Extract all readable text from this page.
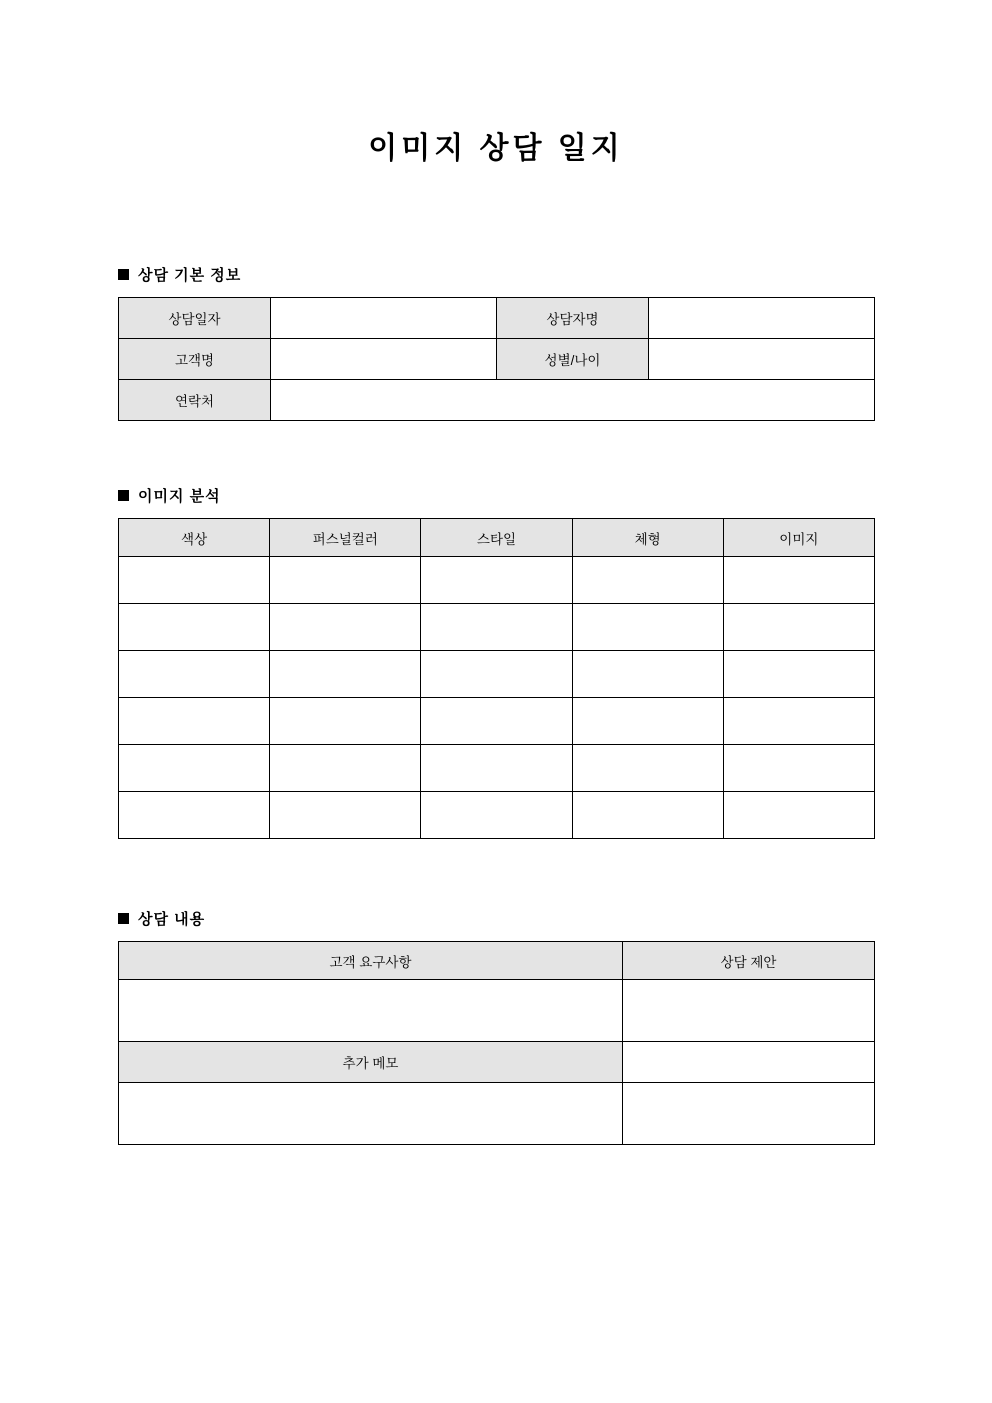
이미지 상담 일지
상담 기본 정보
상담일자		상담자명	
고객명		성별/나이	
연락처			
이미지 분석
색상	퍼스널컬러	스타일	체형	이미지

상담 내용
고객 요구사항	상담 제안

추가 메모	
